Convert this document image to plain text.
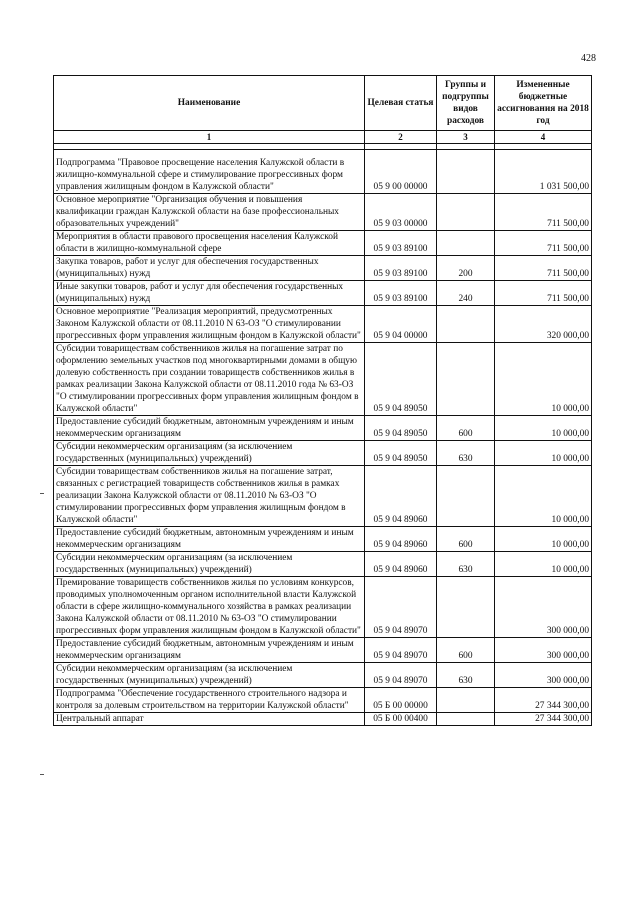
428
Наименование	Целевая статья	Группы и подгруппы видов расходов	Измененные бюджетные ассигнования на 2018 год
1	2	3	4

Подпрограмма "Правовое просвещение населения Калужской области в жилищно-коммунальной сфере и стимулирование прогрессивных форм управления жилищным фондом в Калужской области"	05 9 00 00000		1 031 500,00
Основное мероприятие "Организация обучения и повышения квалификации граждан Калужской области на базе профессиональных образовательных учреждений"	05 9 03 00000		711 500,00
Мероприятия в области правового просвещения населения Калужской области в жилищно-коммунальной сфере	05 9 03 89100		711 500,00
Закупка товаров, работ и услуг для обеспечения государственных (муниципальных) нужд	05 9 03 89100	200	711 500,00
Иные закупки товаров, работ и услуг для обеспечения государственных (муниципальных) нужд	05 9 03 89100	240	711 500,00
Основное мероприятие "Реализация мероприятий, предусмотренных Законом Калужской области от 08.11.2010 N 63-ОЗ "О стимулировании прогрессивных форм управления жилищным фондом в Калужской области"	05 9 04 00000		320 000,00
Субсидии товариществам собственников жилья на погашение затрат по оформлению земельных участков под многоквартирными домами в общую долевую собственность при создании товариществ собственников жилья в рамках реализации Закона Калужской области от 08.11.2010 года № 63-ОЗ "О стимулировании прогрессивных форм управления жилищным фондом в Калужской области"	05 9 04 89050		10 000,00
Предоставление субсидий бюджетным, автономным учреждениям и иным некоммерческим организациям	05 9 04 89050	600	10 000,00
Субсидии некоммерческим организациям (за исключением государственных (муниципальных) учреждений)	05 9 04 89050	630	10 000,00
Субсидии товариществам собственников жилья на погашение затрат, связанных с регистрацией товариществ собственников жилья в рамках реализации Закона Калужской области от 08.11.2010 № 63-ОЗ "О стимулировании прогрессивных форм управления жилищным фондом в Калужской области"	05 9 04 89060		10 000,00
Предоставление субсидий бюджетным, автономным учреждениям и иным некоммерческим организациям	05 9 04 89060	600	10 000,00
Субсидии некоммерческим организациям (за исключением государственных (муниципальных) учреждений)	05 9 04 89060	630	10 000,00
Премирование товариществ собственников жилья по условиям конкурсов, проводимых уполномоченным органом исполнительной власти Калужской области в сфере жилищно-коммунального хозяйства в рамках реализации Закона Калужской области от 08.11.2010 № 63-ОЗ "О стимулировании прогрессивных форм управления жилищным фондом в Калужской области"	05 9 04 89070		300 000,00
Предоставление субсидий бюджетным, автономным учреждениям и иным некоммерческим организациям	05 9 04 89070	600	300 000,00
Субсидии некоммерческим организациям (за исключением государственных (муниципальных) учреждений)	05 9 04 89070	630	300 000,00
Подпрограмма "Обеспечение государственного строительного надзора и контроля за долевым строительством на территории Калужской области"	05 Б 00 00000		27 344 300,00
Центральный аппарат	05 Б 00 00400		27 344 300,00
